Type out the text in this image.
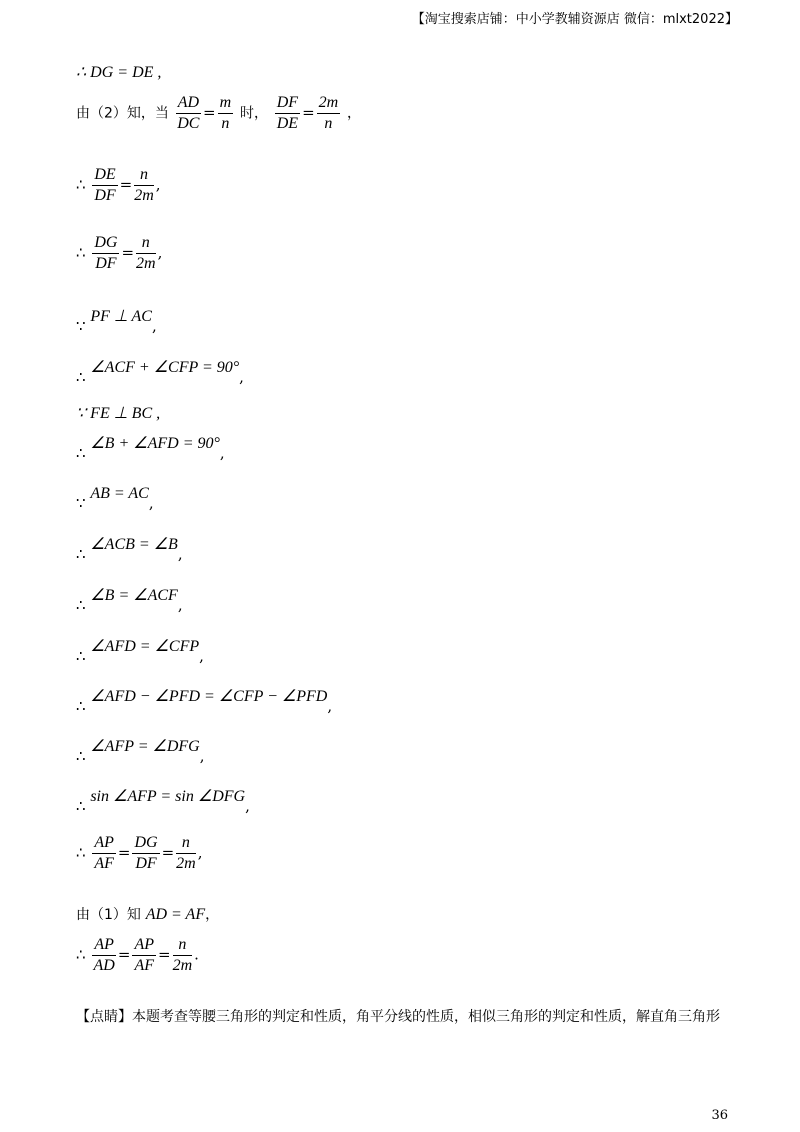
【淘宝搜索店铺：中小学教辅资源店 微信：mlxt2022】
∴ DG = DE ,
由（2）知，当 $\frac{AD}{DC} = \frac{m}{n}$ 时， $\frac{DF}{DE} = \frac{2m}{n}$ ，
∴ $\frac{DE}{DF} = \frac{n}{2m}$ ,
∴ $\frac{DG}{DF} = \frac{n}{2m}$ ,
∵ PF ⊥ AC,
∴ ∠ACF + ∠CFP = 90°,
∵ FE ⊥ BC ,
∴ ∠B + ∠AFD = 90°,
∵ AB = AC,
∴ ∠ACB = ∠B,
∴ ∠B = ∠ACF,
∴ ∠AFD = ∠CFP,
∴ ∠AFD − ∠PFD = ∠CFP − ∠PFD,
∴ ∠AFP = ∠DFG,
∴ sin ∠AFP = sin ∠DFG,
∴ $\frac{AP}{AF} = \frac{DG}{DF} = \frac{n}{2m}$ ,
由（1）知 AD = AF，
∴ $\frac{AP}{AD} = \frac{AP}{AF} = \frac{n}{2m}$ .
【点睛】本题考查等腰三角形的判定和性质，角平分线的性质，相似三角形的判定和性质，解直角三角形
36
